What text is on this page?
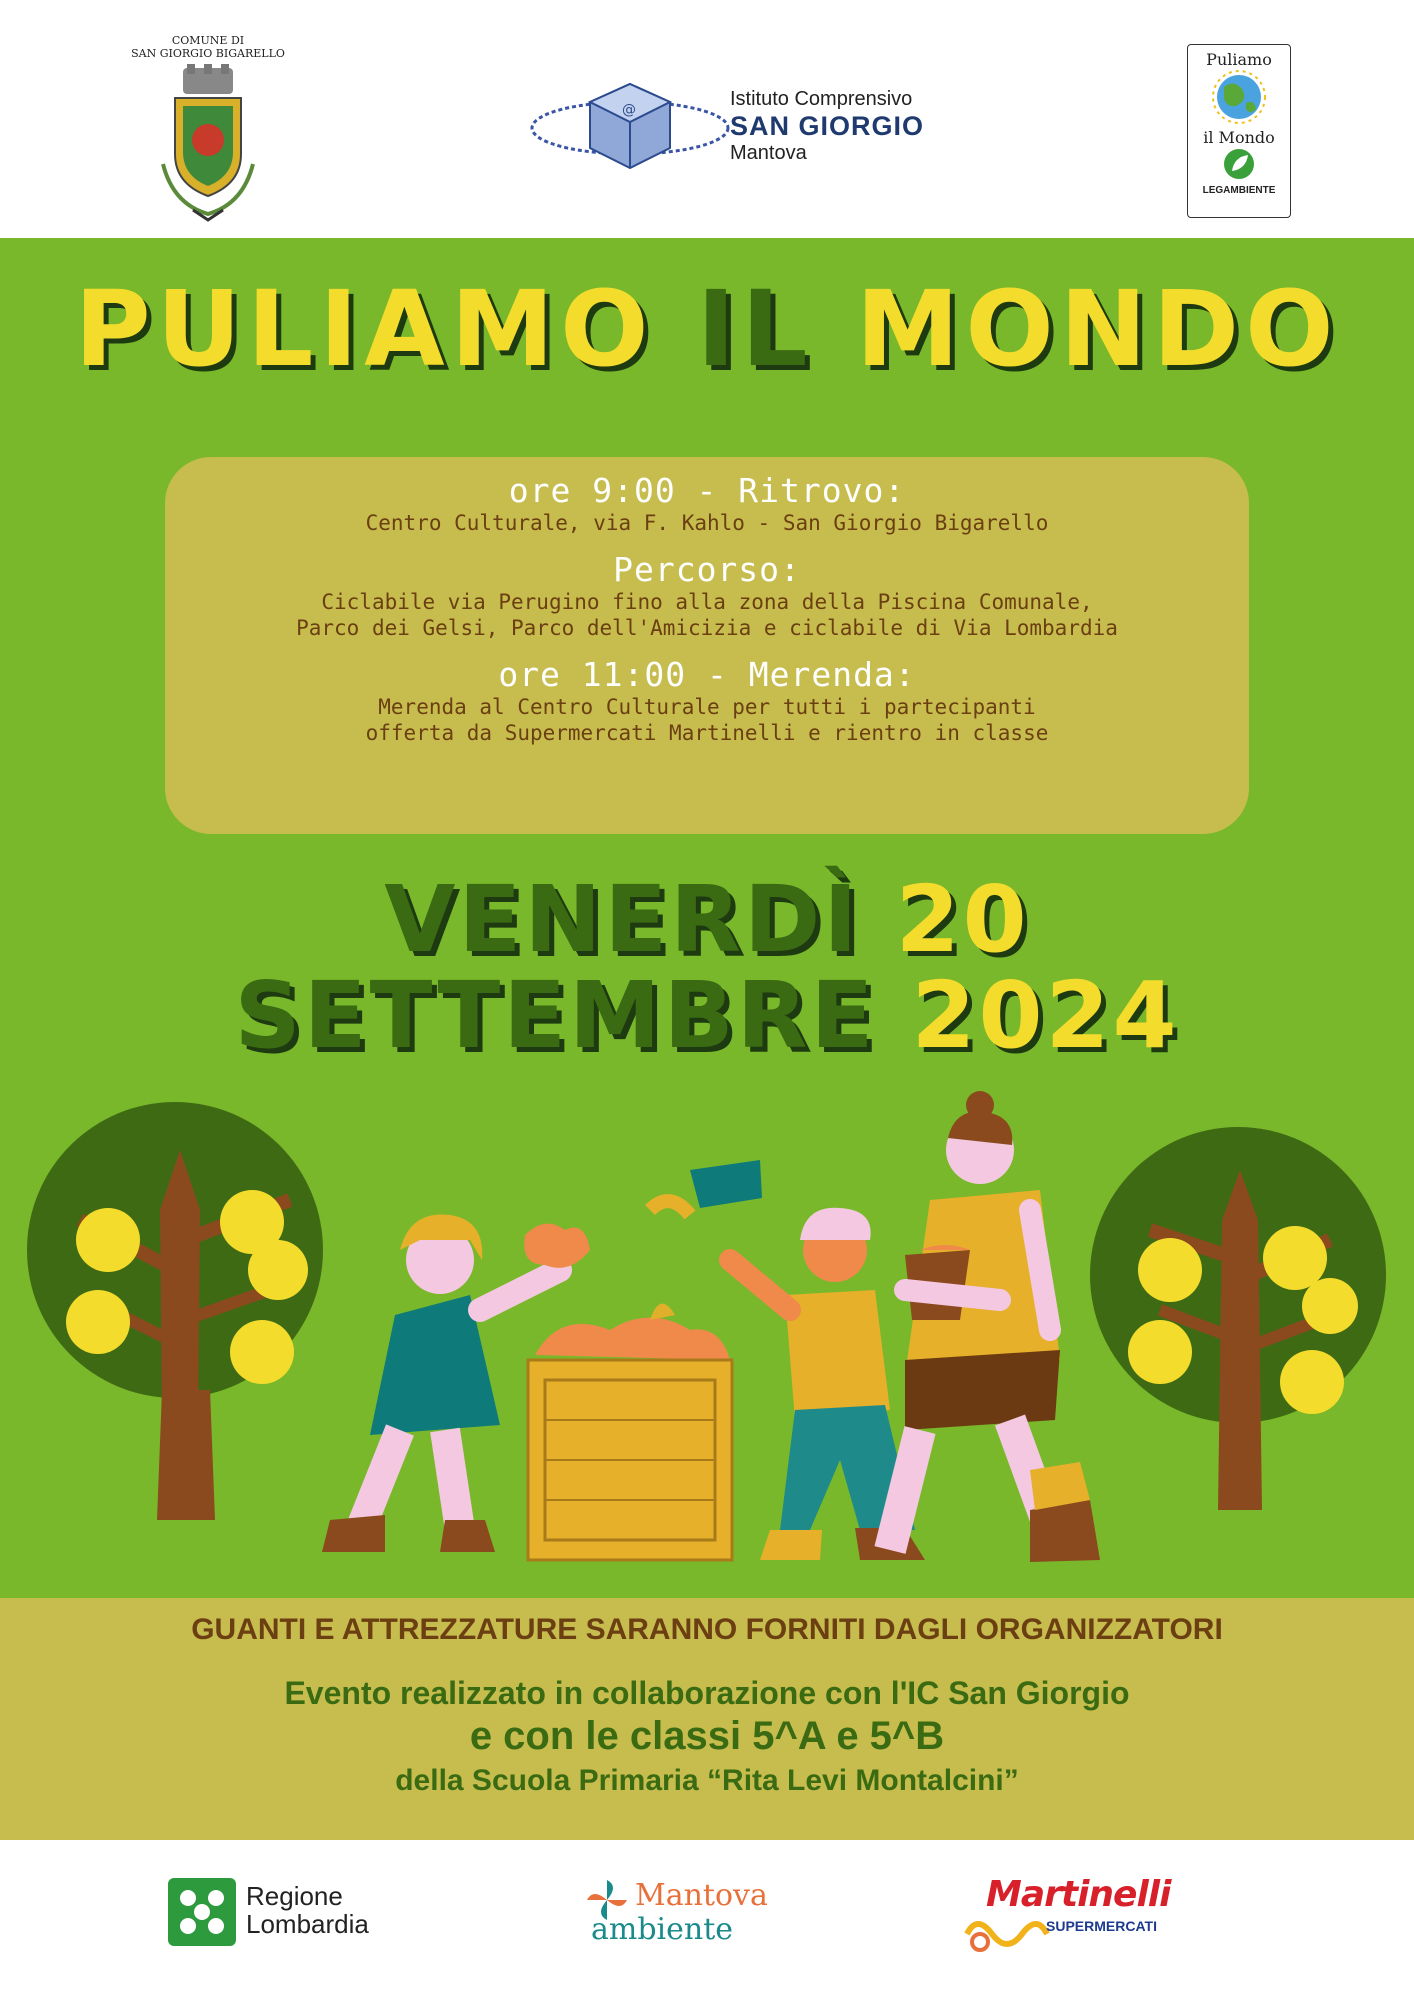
COMUNE DI
SAN GIORGIO BIGARELLO
@	Istituto Comprensivo
SAN GIORGIO
Mantova
Puliamo
il Mondo
LEGAMBIENTE
PULIAMO IL MONDO
ore 9:00 - Ritrovo:
Centro Culturale, via F. Kahlo - San Giorgio Bigarello
Percorso:
Ciclabile via Perugino fino alla zona della Piscina Comunale,
Parco dei Gelsi, Parco dell'Amicizia e ciclabile di Via Lombardia
ore 11:00 - Merenda:
Merenda al Centro Culturale per tutti i partecipanti
offerta da Supermercati Martinelli e rientro in classe
VENERDÌ 20
SETTEMBRE 2024
GUANTI E ATTREZZATURE SARANNO FORNITI DAGLI ORGANIZZATORI
Evento realizzato in collaborazione con l'IC San Giorgio
e con le classi 5^A e 5^B
della Scuola Primaria “Rita Levi Montalcini”
Regione
Lombardia
Mantova
ambiente
Martinelli
SUPERMERCATI
